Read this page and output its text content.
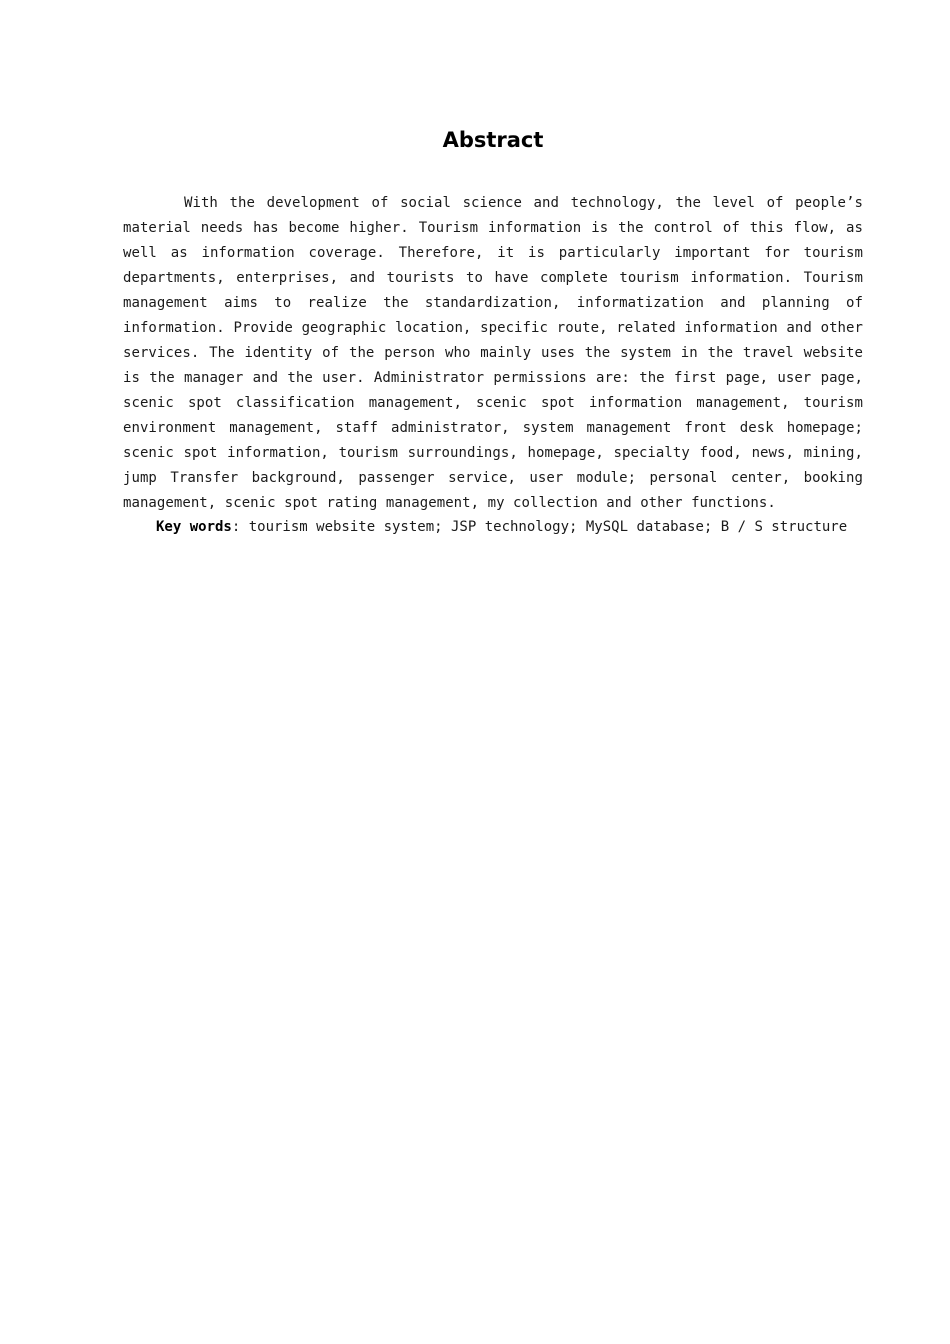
Abstract

With the development of social science and technology, the level of people’s material needs has become higher. Tourism information is the control of this flow, as well as information coverage. Therefore, it is particularly important for tourism departments, enterprises, and tourists to have complete tourism information. Tourism management aims to realize the standardization, informatization and planning of information. Provide geographic location, specific route, related information and other services. The identity of the person who mainly uses the system in the travel website is the manager and the user. Administrator permissions are: the first page, user page, scenic spot classification management, scenic spot information management, tourism environment management, staff administrator, system management front desk homepage; scenic spot information, tourism surroundings, homepage, specialty food, news, mining, jump Transfer background, passenger service, user module; personal center, booking management, scenic spot rating management, my collection and other functions.

Key words: tourism website system; JSP technology; MySQL database; B / S structure
